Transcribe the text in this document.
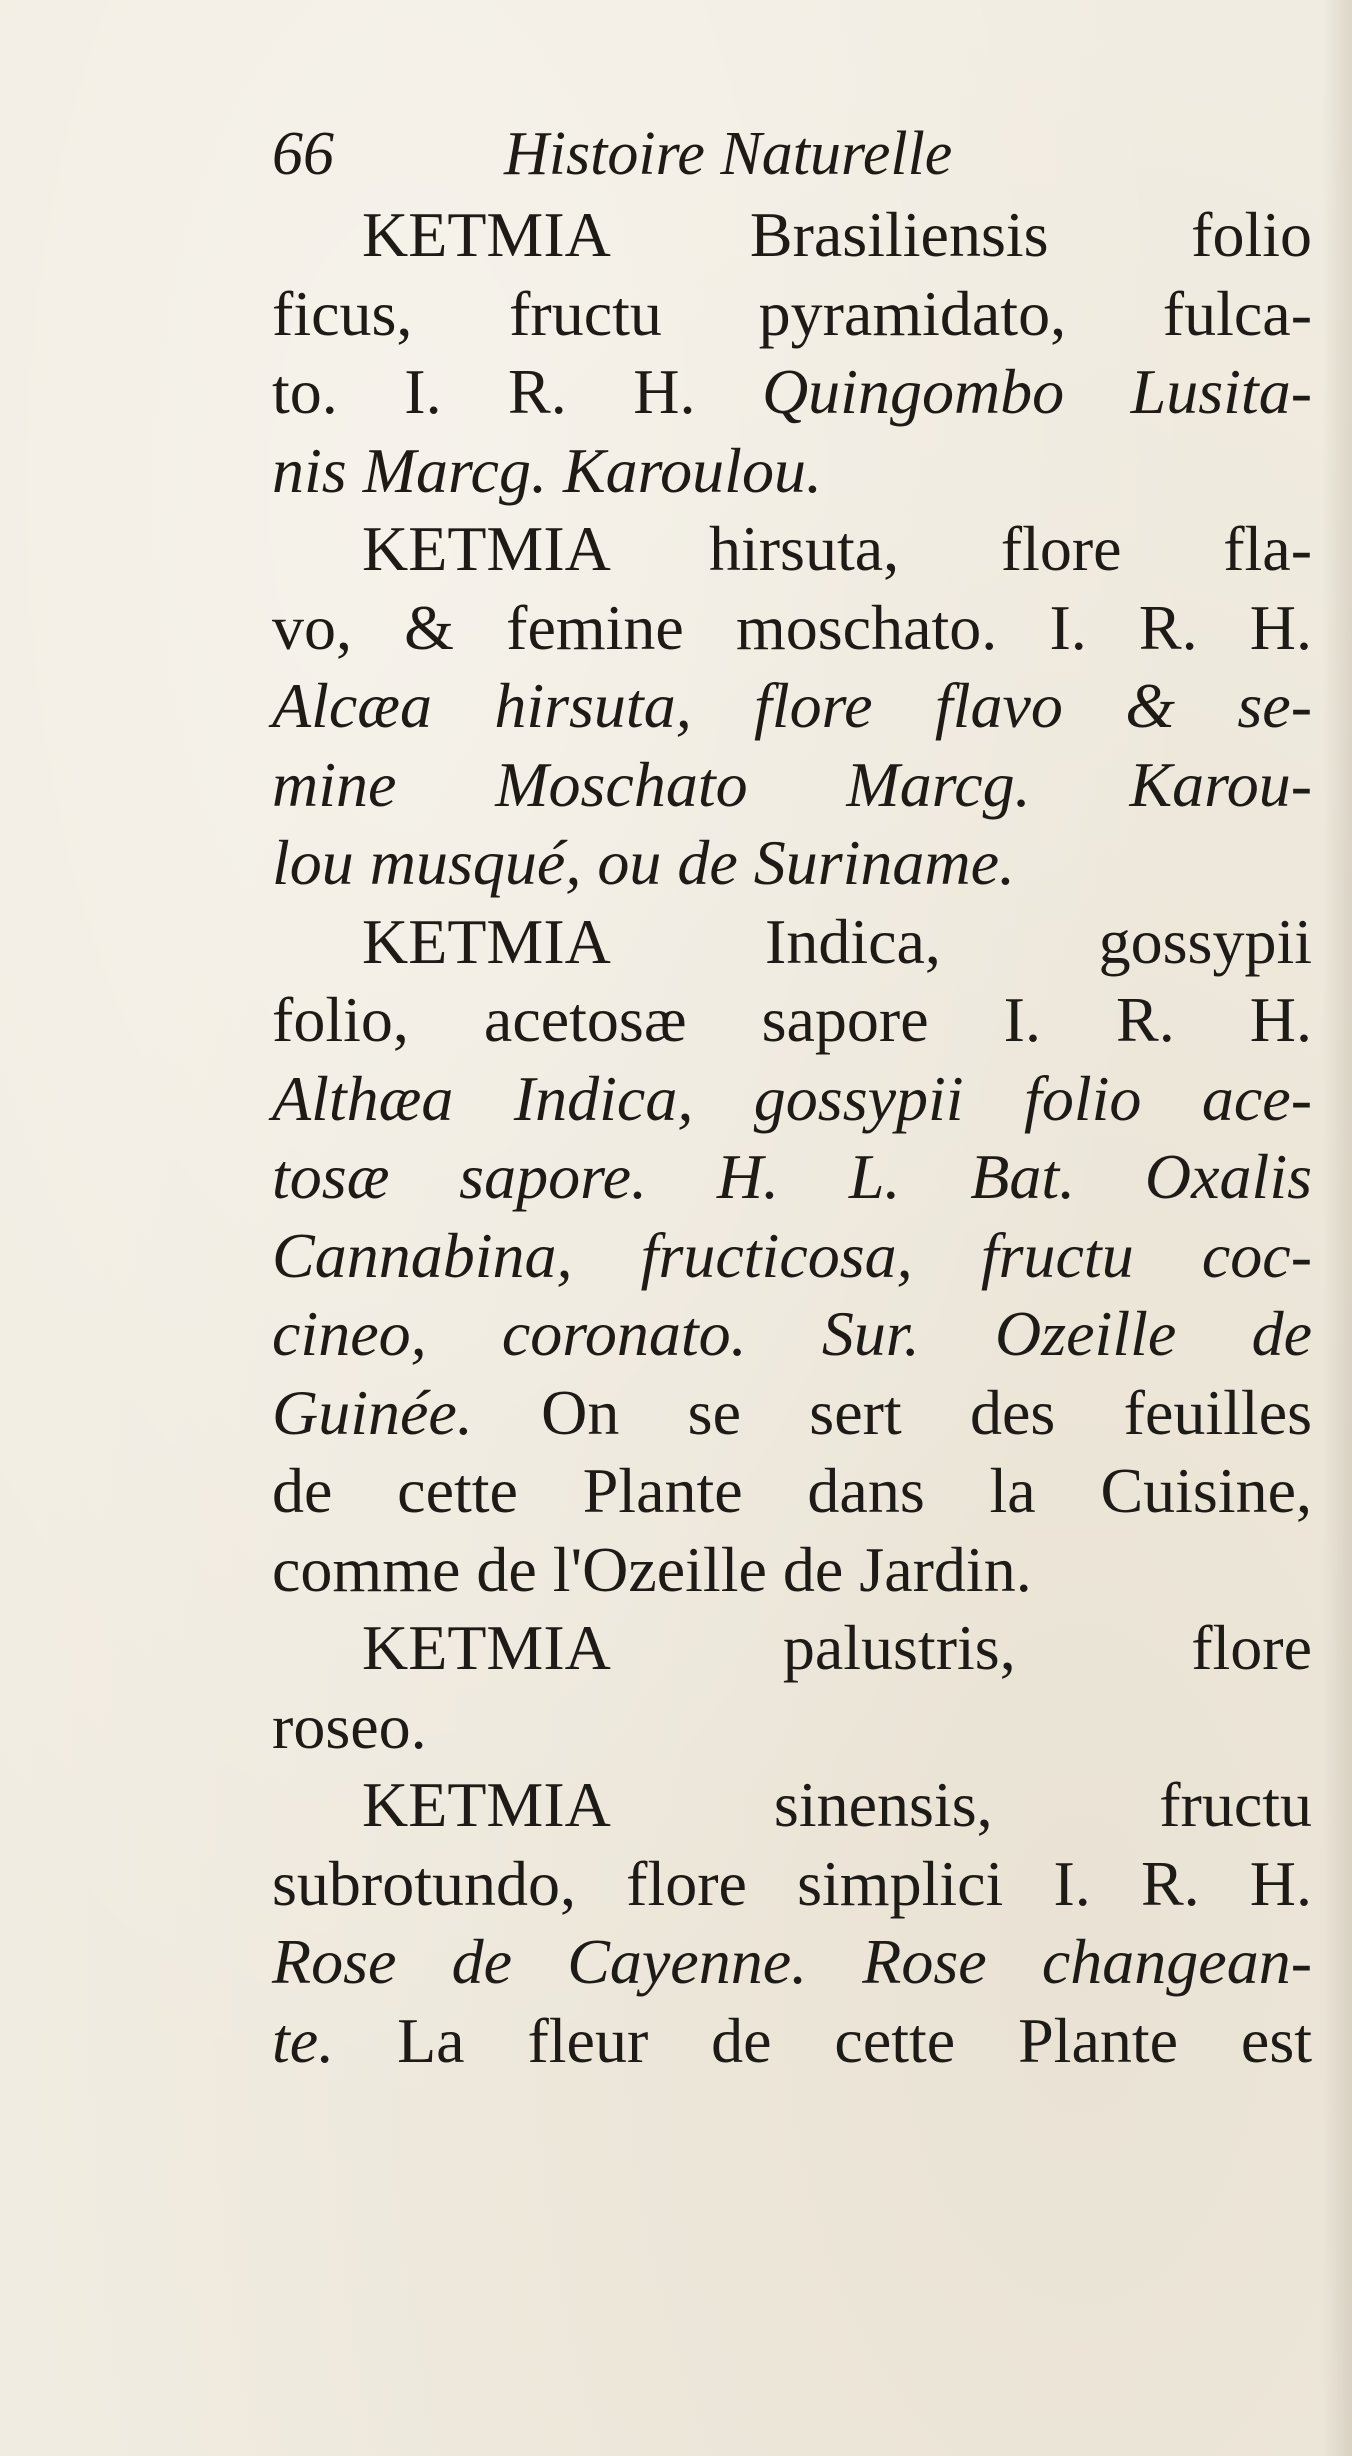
66	Histoire Naturelle
KETMIA Brasiliensis folio
ficus, fructu pyramidato, fulca-
to. I. R. H. Quingombo Lusita-
nis Marcg. Karoulou.
KETMIA hirsuta, flore fla-
vo, & femine moschato. I. R. H.
Alcæa hirsuta, flore flavo & se-
mine Moschato Marcg. Karou-
lou musqué, ou de Suriname.
KETMIA Indica, gossypii
folio, acetosæ sapore I. R. H.
Althæa Indica, gossypii folio ace-
tosæ sapore. H. L. Bat. Oxalis
Cannabina, fructicosa, fructu coc-
cineo, coronato. Sur. Ozeille de
Guinée. On se sert des feuilles
de cette Plante dans la Cuisine,
comme de l'Ozeille de Jardin.
KETMIA palustris, flore
roseo.
KETMIA sinensis, fructu
subrotundo, flore simplici I. R. H.
Rose de Cayenne. Rose changean-
te. La fleur de cette Plante est
